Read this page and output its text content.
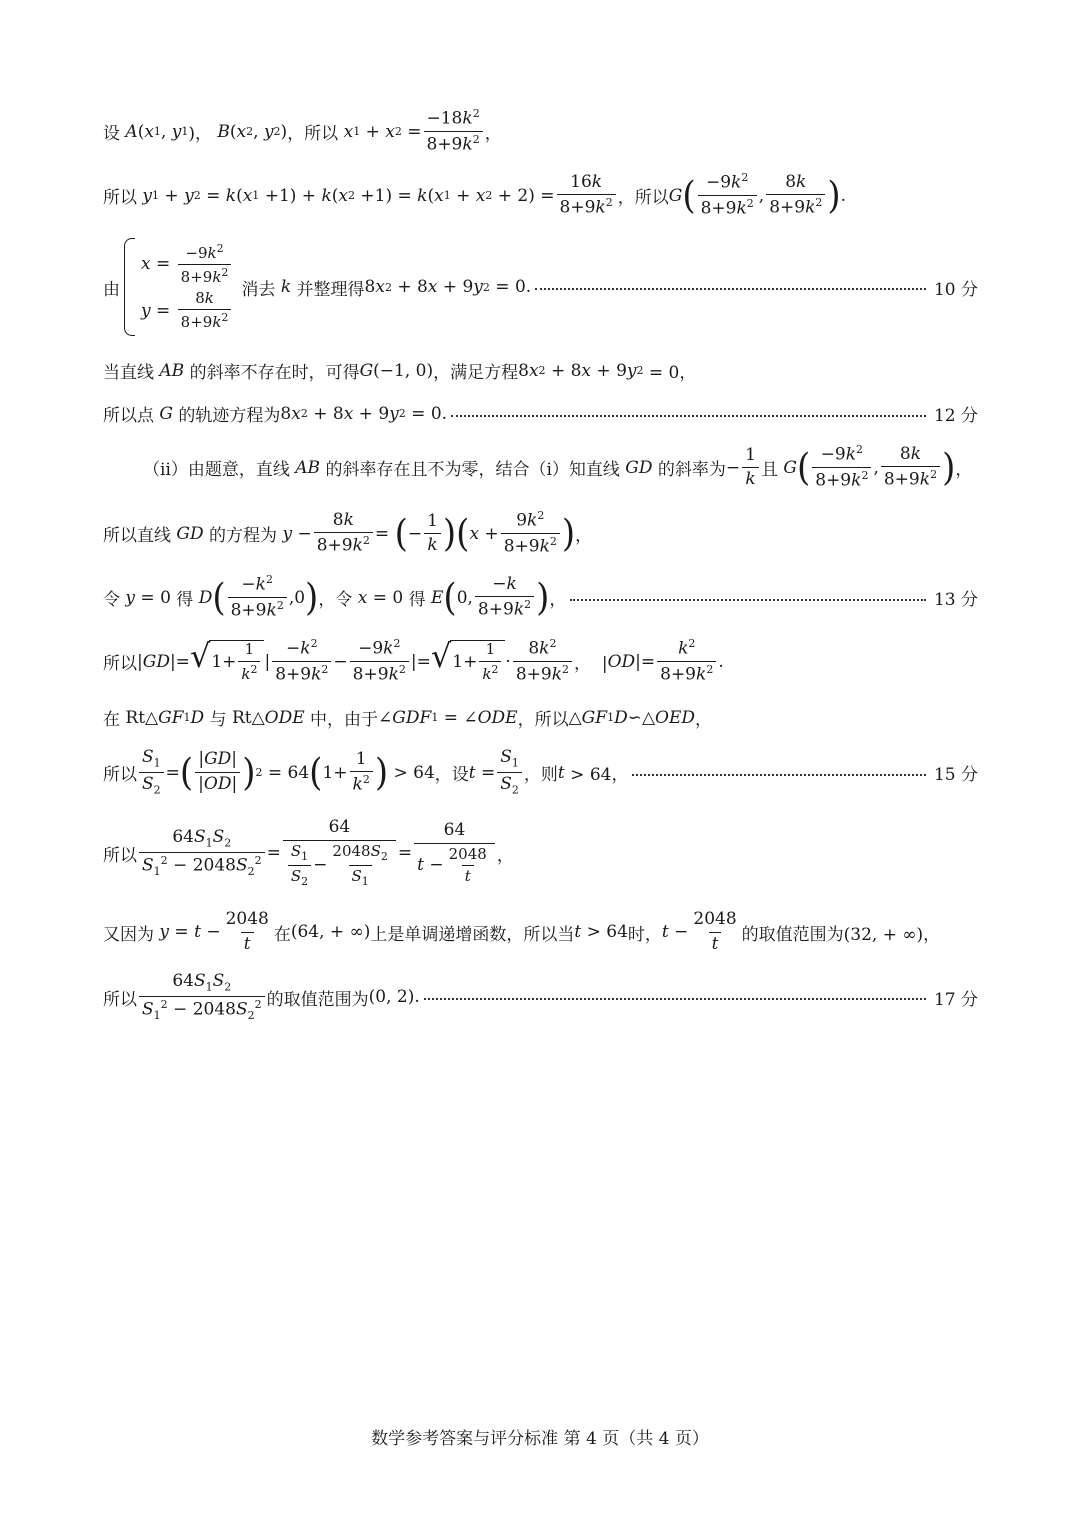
设 A ( x 1 , y 1 )， B ( x 2 , y 2 ) ，所以
x 1 + x $2 = \frac{-18k^2}{8+9k^2}$ ，
所以
y 1 + y 2 = k ( x 1 +1) + k ( x 2 +1) = k ( x 1 + x $2 + 2) = \frac{16k}{8+9k^2}$ ，所以 G ( $\frac{-9k^2}{8+9k^2}$ , $\frac{8k}{8+9k^2}$ ) .
由
$x = \frac{-9k^2}{8+9k^2}$
$y = \frac{8k}{8+9k^2}$
消去 k 并整理得 8 x 2 + 8 x + 9 y 2 = 0.	10 分
当直线 AB 的斜率不存在时，可得 G (−1, 0) ，满足方程 8 x 2 + 8 x + 9 y 2 = 0，
所以点 G 的轨迹方程为 8 x 2 + 8 x + 9 y 2 = 0.	12 分
（ⅱ）由题意，直线 AB 的斜率存在且不为零，结合（ⅰ）知直线 GD 的斜率为 − $\frac{1}{k}$ 且 G ( $\frac{-9k^2}{8+9k^2}$ , $\frac{8k}{8+9k^2}$ ) ，
所以直线 GD 的方程为
$y - \frac{8k}{8+9k^2}$ = ( − $\frac{1}{k}$ ) ( $x + \frac{9k^2}{8+9k^2}$ ) ，
令
y = 0 得 D ( $\frac{-k^2}{8+9k^2} ,0$ ) ，令
x = 0 得 E ( 0, $\frac{-k}{8+9k^2}$ ) ，	13 分
所以 | GD |= √ $1+ \frac{1}{k^2}$ | $\frac{-k^2}{8+9k^2} - \frac{-9k^2}{8+9k^2}$ |= √ $1+ \frac{1}{k^2} \cdot \frac{8k^2}{8+9k^2}$ ，  | OD |= $\frac{k^2}{8+9k^2}$ .
在 Rt△ GF 1 D
与 Rt△ ODE
中，由于 ∠ GDF 1 = ∠ ODE ，所以 △ GF 1 D ∽△ OED ，
所以 $\frac{S_1}{S_2}$ = ( $\frac{|GD|}{|OD|}$ ) 2 = 64 ( $1+ \frac{1}{k^2}$ ) > 64 ，设 $t = \frac{S_1}{S_2}$ ，则 t > 64，	15 分
所以 $\frac{64S_1S_2}{S_1^2 - 2048S_2^2} = \frac{64}{\frac{S_1}{S_2} - \frac{2048S_2}{S_1}} = \frac{64}{t - \frac{2048}{t}}$ ，
又因为 $y = t - \frac{2048}{t}$ 在 (64, + ∞) 上是单调递增函数，所以当 t > 64 时， $t - \frac{2048}{t}$ 的取值范围为 (32, + ∞)，
所以 $\frac{64S_1S_2}{S_1^2 - 2048S_2^2}$ 的取值范围为 (0, 2).	17 分
数学参考答案与评分标准 第 4 页（共 4 页）
